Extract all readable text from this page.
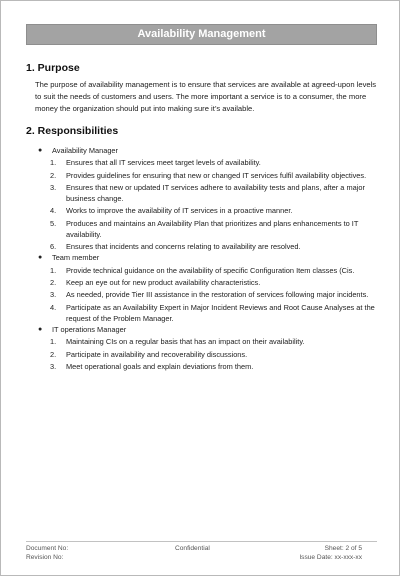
Availability Management
1. Purpose
The purpose of availability management is to ensure that services are available at agreed-upon levels to suit the needs of customers and users. The more important a service is to a consumer, the more money the organization should put into making sure it’s available.
2. Responsibilities
● Availability Manager
1. Ensures that all IT services meet target levels of availability.
2. Provides guidelines for ensuring that new or changed IT services fulfil availability objectives.
3. Ensures that new or updated IT services adhere to availability tests and plans, after a major business change.
4. Works to improve the availability of IT services in a proactive manner.
5. Produces and maintains an Availability Plan that prioritizes and plans enhancements to IT availability.
6. Ensures that incidents and concerns relating to availability are resolved.
● Team member
1. Provide technical guidance on the availability of specific Configuration Item classes (Cis.
2. Keep an eye out for new product availability characteristics.
3. As needed, provide Tier III assistance in the restoration of services following major incidents.
4. Participate as an Availability Expert in Major Incident Reviews and Root Cause Analyses at the request of the Problem Manager.
● IT operations Manager
1. Maintaining CIs on a regular basis that has an impact on their availability.
2. Participate in availability and recoverability discussions.
3. Meet operational goals and explain deviations from them.
Document No:
Revision No:
Confidential	Sheet: 2 of 5
Issue Date: xx-xxx-xx
